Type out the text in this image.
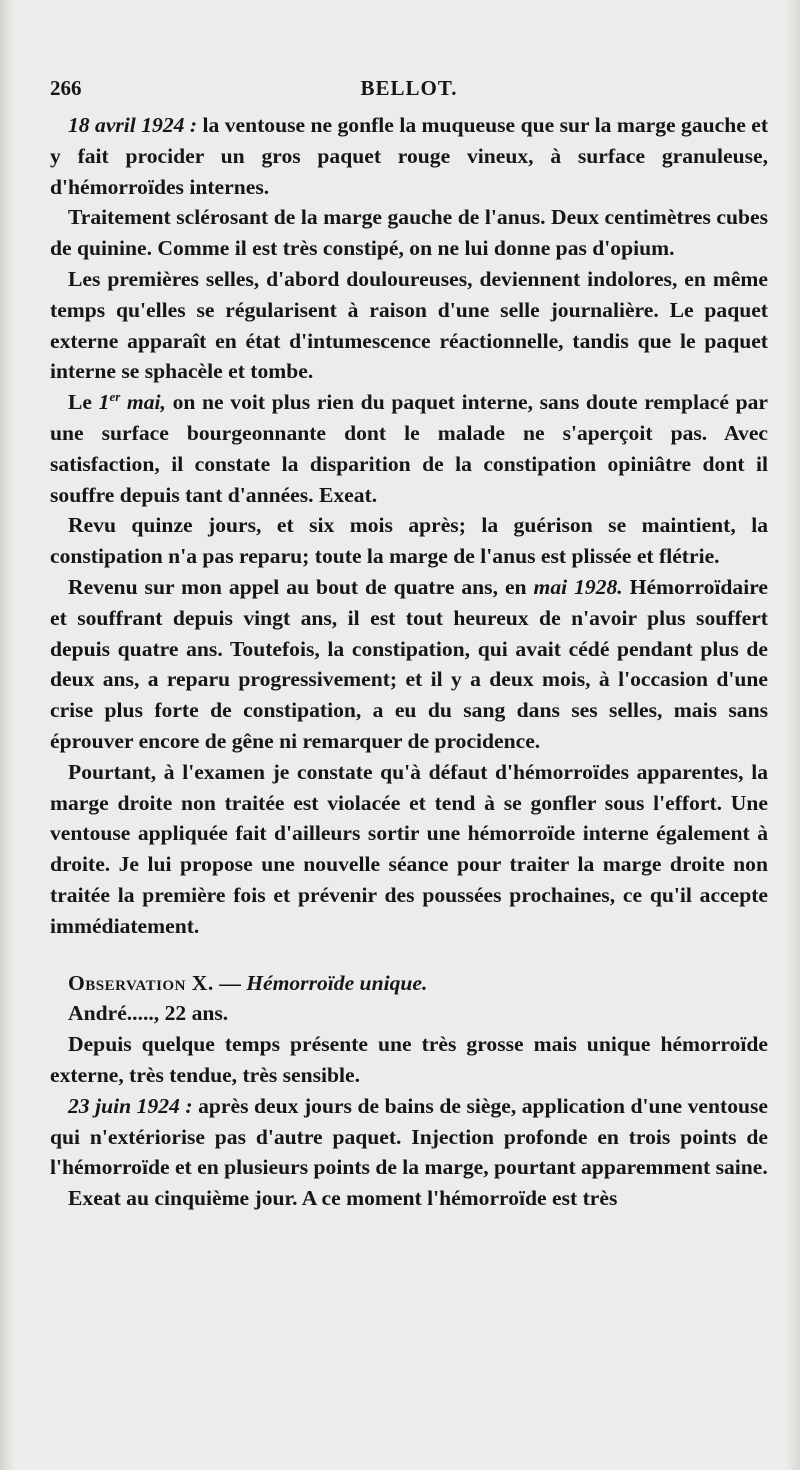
266	BELLOT.

18 avril 1924 : la ventouse ne gonfle la muqueuse que sur la marge gauche et y fait procider un gros paquet rouge vineux, à surface granuleuse, d'hémorroïdes internes.

Traitement sclérosant de la marge gauche de l'anus. Deux centimètres cubes de quinine. Comme il est très constipé, on ne lui donne pas d'opium.

Les premières selles, d'abord douloureuses, deviennent indolores, en même temps qu'elles se régularisent à raison d'une selle journalière. Le paquet externe apparaît en état d'intumescence réactionnelle, tandis que le paquet interne se sphacèle et tombe.

Le 1er mai, on ne voit plus rien du paquet interne, sans doute remplacé par une surface bourgeonnante dont le malade ne s'aperçoit pas. Avec satisfaction, il constate la disparition de la constipation opiniâtre dont il souffre depuis tant d'années. Exeat.

Revu quinze jours, et six mois après; la guérison se maintient, la constipation n'a pas reparu; toute la marge de l'anus est plissée et flétrie.

Revenu sur mon appel au bout de quatre ans, en mai 1928. Hémorroïdaire et souffrant depuis vingt ans, il est tout heureux de n'avoir plus souffert depuis quatre ans. Toutefois, la constipation, qui avait cédé pendant plus de deux ans, a reparu progressivement; et il y a deux mois, à l'occasion d'une crise plus forte de constipation, a eu du sang dans ses selles, mais sans éprouver encore de gêne ni remarquer de procidence.

Pourtant, à l'examen je constate qu'à défaut d'hémorroïdes apparentes, la marge droite non traitée est violacée et tend à se gonfler sous l'effort. Une ventouse appliquée fait d'ailleurs sortir une hémorroïde interne également à droite. Je lui propose une nouvelle séance pour traiter la marge droite non traitée la première fois et prévenir des poussées prochaines, ce qu'il accepte immédiatement.

Observation X. — Hémorroïde unique.

André....., 22 ans.

Depuis quelque temps présente une très grosse mais unique hémorroïde externe, très tendue, très sensible.

23 juin 1924 : après deux jours de bains de siège, application d'une ventouse qui n'extériorise pas d'autre paquet. Injection profonde en trois points de l'hémorroïde et en plusieurs points de la marge, pourtant apparemment saine.

Exeat au cinquième jour. A ce moment l'hémorroïde est très
